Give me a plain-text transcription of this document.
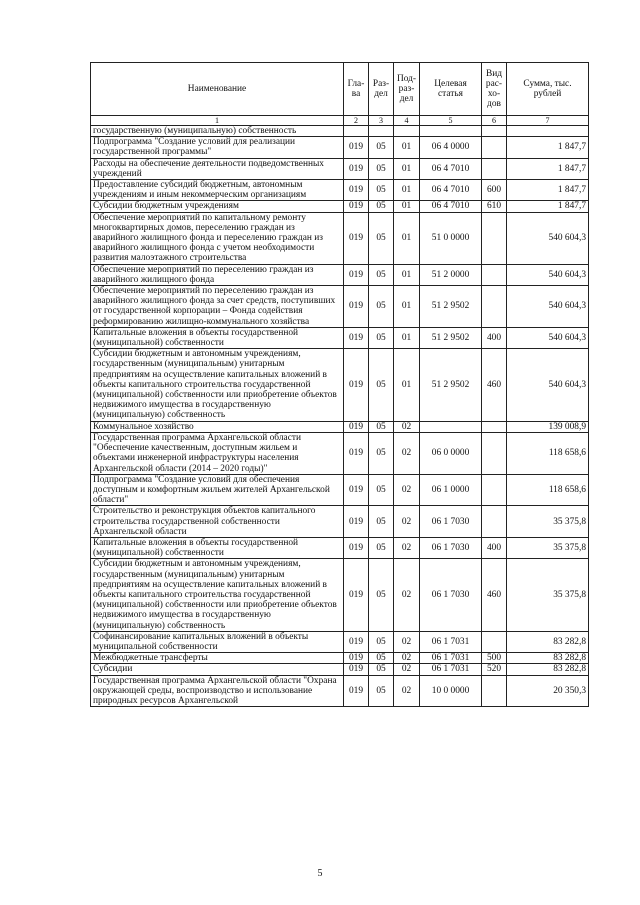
Наименование	Гла-ва	Раз-дел	Под-раз-дел	Целевая статья	Вид рас-хо-дов	Сумма, тыс. рублей
1	2	3	4	5	6	7
государственную (муниципальную) собственность						
Подпрограмма "Создание условий для реализации государственной программы"	019	05	01	06 4 0000		1 847,7
Расходы на обеспечение деятельности подведомственных учреждений	019	05	01	06 4 7010		1 847,7
Предоставление субсидий бюджетным, автономным учреждениям и иным некоммерческим организациям	019	05	01	06 4 7010	600	1 847,7
Субсидии бюджетным учреждениям	019	05	01	06 4 7010	610	1 847,7
Обеспечение мероприятий по капитальному ремонту многоквартирных домов, переселению граждан из аварийного жилищного фонда и переселению граждан из аварийного жилищного фонда с учетом необходимости развития малоэтажного строительства	019	05	01	51 0 0000		540 604,3
Обеспечение мероприятий по переселению граждан из аварийного жилищного фонда	019	05	01	51 2 0000		540 604,3
Обеспечение мероприятий по переселению граждан из аварийного жилищного фонда за счет средств, поступивших от государственной корпорации – Фонда содействия реформированию жилищно-коммунального хозяйства	019	05	01	51 2 9502		540 604,3
Капитальные вложения в объекты государственной (муниципальной) собственности	019	05	01	51 2 9502	400	540 604,3
Субсидии бюджетным и автономным учреждениям, государственным (муниципальным) унитарным предприятиям на осуществление капитальных вложений в объекты капитального строительства государственной (муниципальной) собственности или приобретение объектов недвижимого имущества в государственную (муниципальную) собственность	019	05	01	51 2 9502	460	540 604,3
Коммунальное хозяйство	019	05	02			139 008,9
Государственная программа Архангельской области "Обеспечение качественным, доступным жильем и объектами инженерной инфраструктуры населения Архангельской области (2014 – 2020 годы)"	019	05	02	06 0 0000		118 658,6
Подпрограмма "Создание условий для обеспечения доступным и комфортным жильем жителей Архангельской области"	019	05	02	06 1 0000		118 658,6
Строительство и реконструкция объектов капитального строительства государственной собственности Архангельской области	019	05	02	06 1 7030		35 375,8
Капитальные вложения в объекты государственной (муниципальной) собственности	019	05	02	06 1 7030	400	35 375,8
Субсидии бюджетным и автономным учреждениям, государственным (муниципальным) унитарным предприятиям на осуществление капитальных вложений в объекты капитального строительства государственной (муниципальной) собственности или приобретение объектов недвижимого имущества в государственную (муниципальную) собственность	019	05	02	06 1 7030	460	35 375,8
Софинансирование капитальных вложений в объекты муниципальной собственности	019	05	02	06 1 7031		83 282,8
Межбюджетные трансферты	019	05	02	06 1 7031	500	83 282,8
Субсидии	019	05	02	06 1 7031	520	83 282,8
Государственная программа Архангельской области "Охрана окружающей среды, воспроизводство и использование природных ресурсов Архангельской	019	05	02	10 0 0000		20 350,3
5
